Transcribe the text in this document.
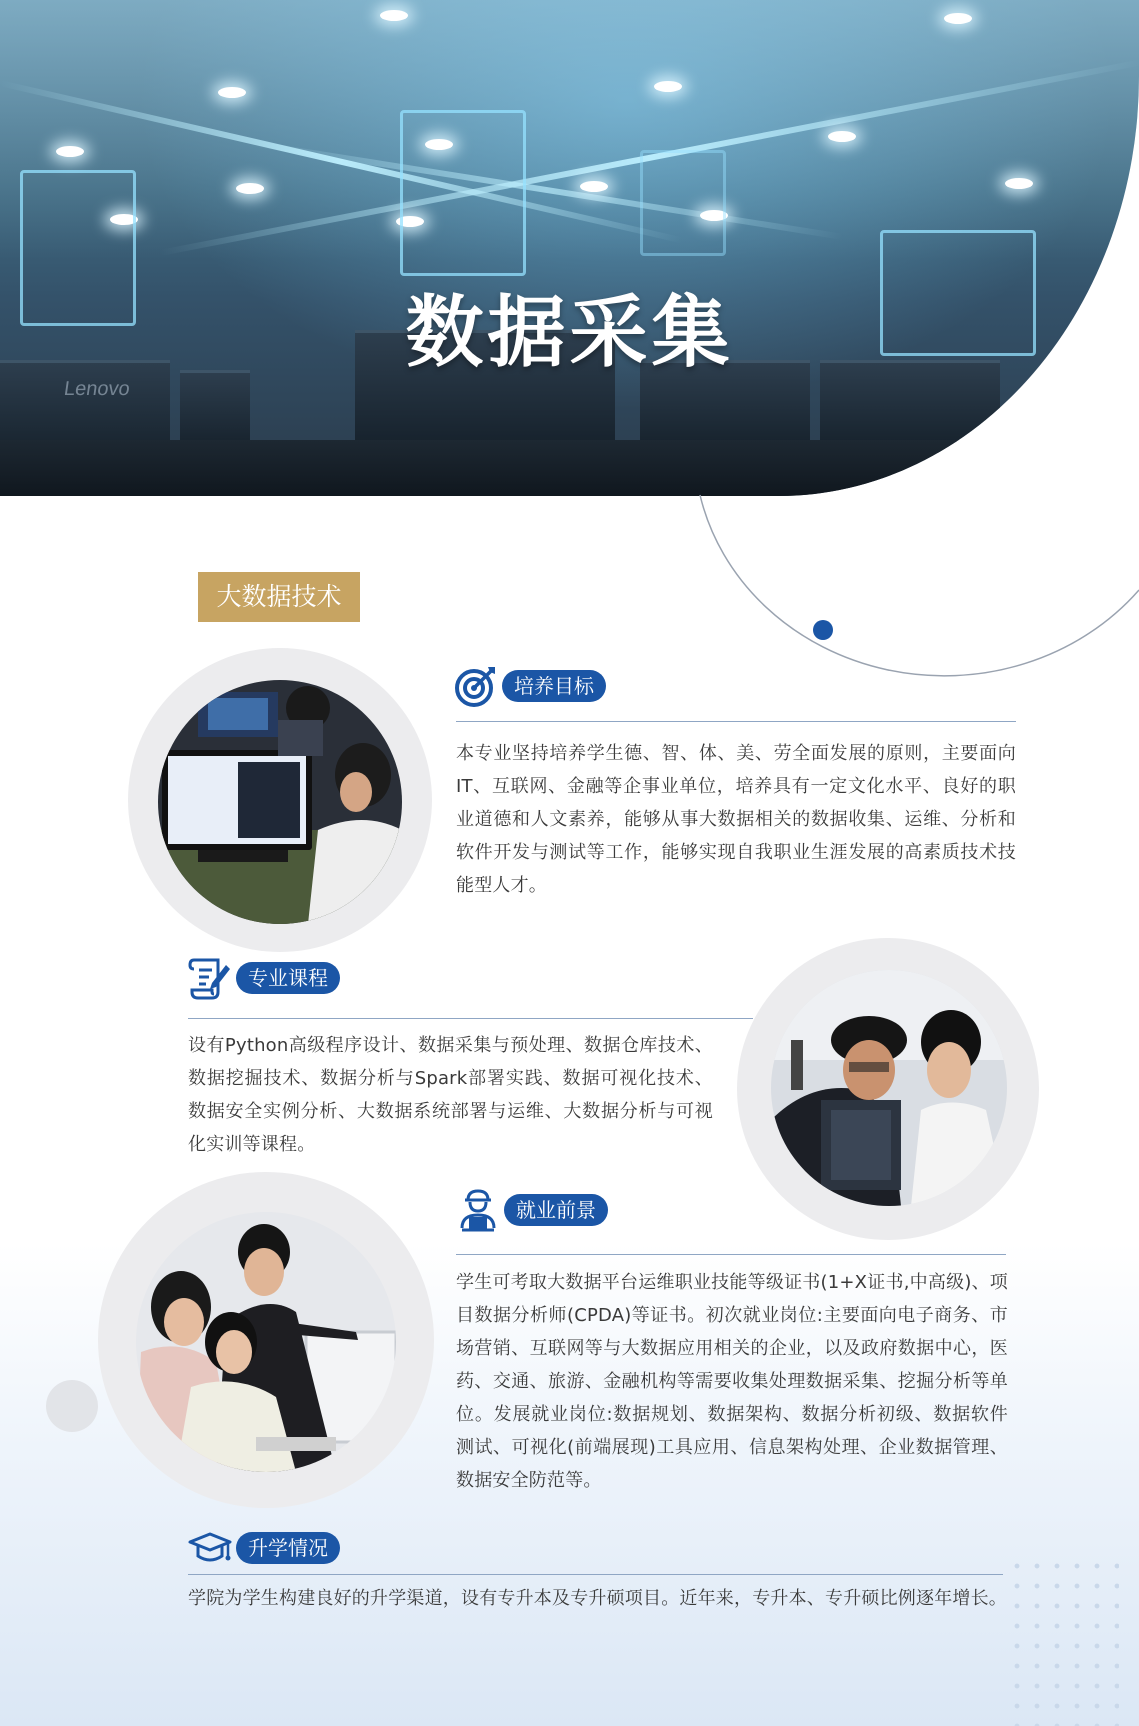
Lenovo
数据采集
大数据技术
培养目标

本专业坚持培养学生德、智、体、美、劳全面发展的原则，主要面向IT、互联网、金融等企事业单位，培养具有一定文化水平、良好的职业道德和人文素养，能够从事大数据相关的数据收集、运维、分析和软件开发与测试等工作，能够实现自我职业生涯发展的高素质技术技能型人才。

专业课程

设有Python高级程序设计、数据采集与预处理、数据仓库技术、数据挖掘技术、数据分析与Spark部署实践、数据可视化技术、数据安全实例分析、大数据系统部署与运维、大数据分析与可视化实训等课程。

就业前景

学生可考取大数据平台运维职业技能等级证书(1+X证书,中高级)、项目数据分析师(CPDA)等证书。初次就业岗位:主要面向电子商务、市场营销、互联网等与大数据应用相关的企业，以及政府数据中心，医药、交通、旅游、金融机构等需要收集处理数据采集、挖掘分析等单位。发展就业岗位:数据规划、数据架构、数据分析初级、数据软件测试、可视化(前端展现)工具应用、信息架构处理、企业数据管理、数据安全防范等。

升学情况

学院为学生构建良好的升学渠道，设有专升本及专升硕项目。近年来，专升本、专升硕比例逐年增长。
